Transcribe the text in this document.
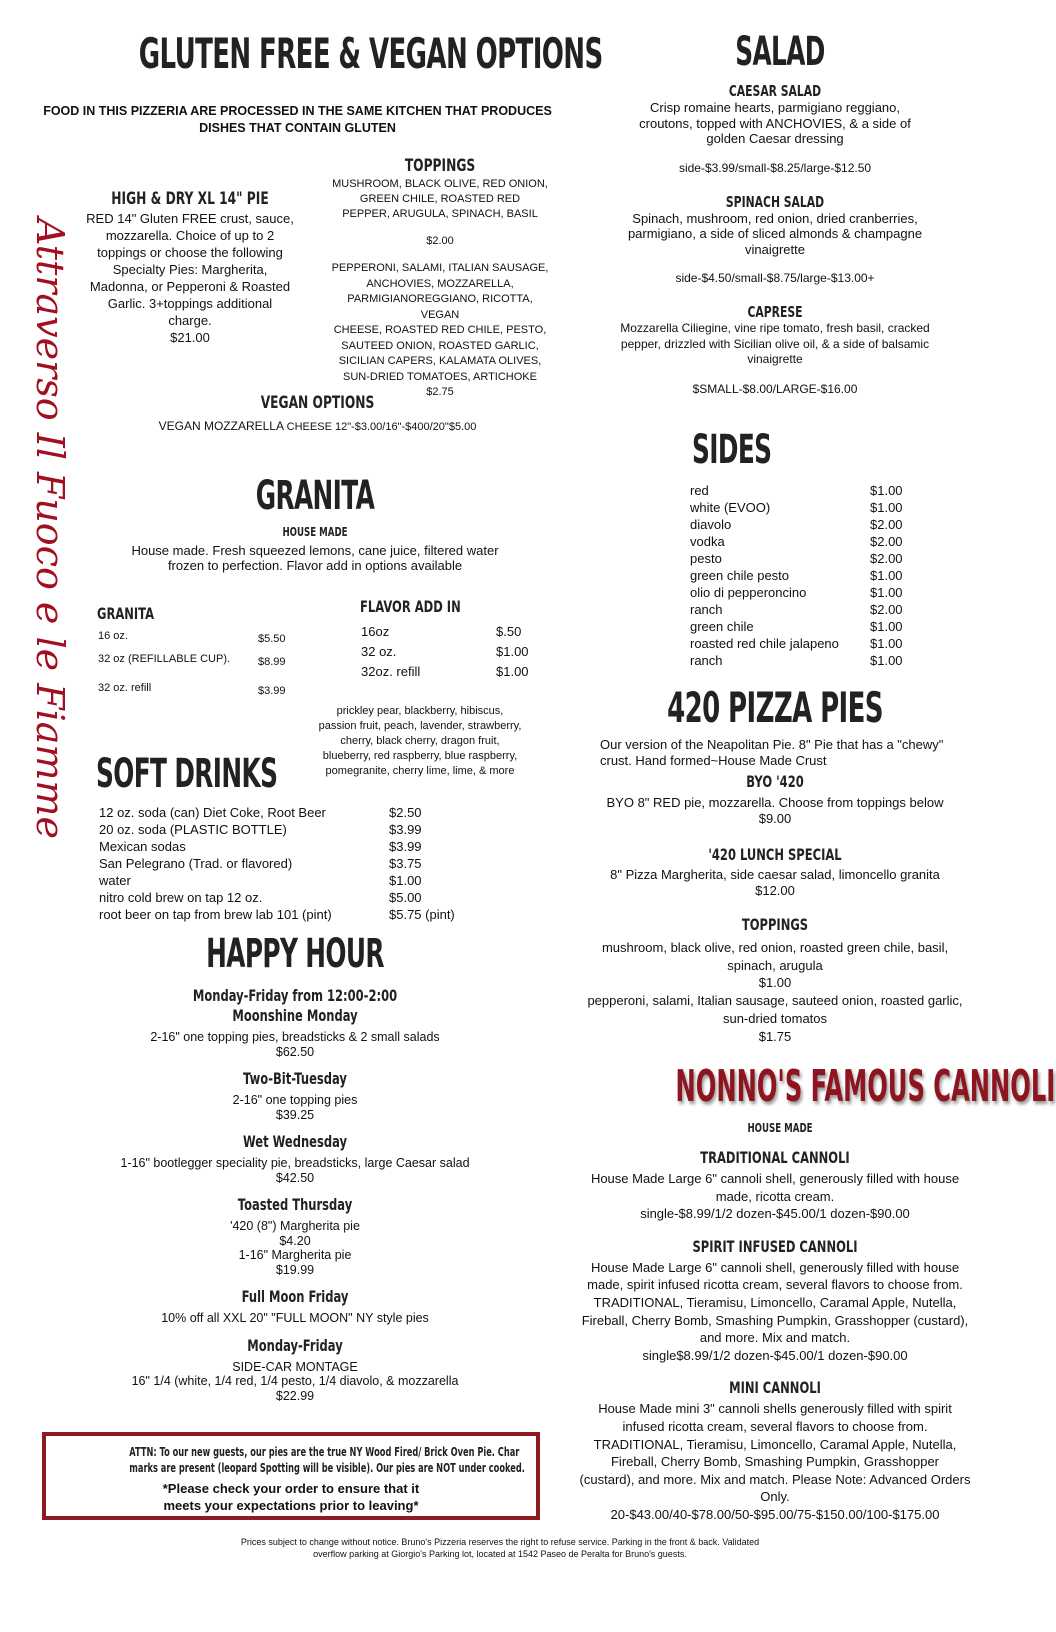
GLUTEN FREE & VEGAN OPTIONS
FOOD IN THIS PIZZERIA ARE PROCESSED IN THE SAME KITCHEN THAT PRODUCES
DISHES THAT CONTAIN GLUTEN
Attraverso Il Fuoco e le Fiamme
HIGH & DRY XL 14" PIE
RED 14" Gluten FREE crust, sauce,
mozzarella. Choice of up to 2
toppings or choose the following
Specialty Pies: Margherita,
Madonna, or Pepperoni & Roasted
Garlic. 3+toppings additional
charge.
$21.00
TOPPINGS
MUSHROOM, BLACK OLIVE, RED ONION,
GREEN CHILE, ROASTED RED
PEPPER, ARUGULA, SPINACH, BASIL
$2.00
PEPPERONI, SALAMI, ITALIAN SAUSAGE,
ANCHOVIES, MOZZARELLA,
PARMIGIANOREGGIANO, RICOTTA, VEGAN
CHEESE, ROASTED RED CHILE, PESTO,
SAUTEED ONION, ROASTED GARLIC,
SICILIAN CAPERS, KALAMATA OLIVES,
SUN-DRIED TOMATOES, ARTICHOKE $2.75
VEGAN OPTIONS
VEGAN MOZZARELLA CHEESE 12"-$3.00/16"-$400/20"$5.00
GRANITA
HOUSE MADE
House made. Fresh squeezed lemons, cane juice, filtered water
frozen to perfection. Flavor add in options available
GRANITA
16 oz.	$5.50
32 oz (REFILLABLE CUP).	$8.99
32 oz. refill	$3.99
FLAVOR ADD IN
16oz	$.50
32 oz.	$1.00
32oz. refill	$1.00
prickley pear, blackberry, hibiscus,
passion fruit, peach, lavender, strawberry,
cherry, black cherry, dragon fruit,
blueberry, red raspberry, blue raspberry,
pomegranite, cherry lime, lime, & more
SOFT DRINKS
12 oz. soda (can) Diet Coke, Root Beer	$2.50
20 oz. soda (PLASTIC BOTTLE)	$3.99
Mexican sodas	$3.99
San Pelegrano (Trad. or flavored)	$3.75
water	$1.00
nitro cold brew on tap 12 oz.	$5.00
root beer on tap from brew lab 101 (pint)	$5.75 (pint)
HAPPY HOUR
Monday-Friday from 12:00-2:00
Moonshine Monday
2-16" one topping pies, breadsticks & 2 small salads
$62.50
Two-Bit-Tuesday
2-16" one topping pies
$39.25
Wet Wednesday
1-16" bootlegger speciality pie, breadsticks, large Caesar salad
$42.50
Toasted Thursday
'420 (8") Margherita pie
$4.20
1-16" Margherita pie
$19.99
Full Moon Friday
10% off all XXL 20" "FULL MOON" NY style pies
Monday-Friday
SIDE-CAR MONTAGE
16" 1/4 (white, 1/4 red, 1/4 pesto, 1/4 diavolo, & mozzarella
$22.99
ATTN: To our new guests, our pies are the true NY Wood Fired/ Brick Oven Pie. Char
marks are present (leopard Spotting will be visible). Our pies are NOT under cooked.
*Please check your order to ensure that it
meets your expectations prior to leaving*
Prices subject to change without notice. Bruno's Pizzeria reserves the right to refuse service. Parking in the front & back. Validated
overflow parking at Giorgio's Parking lot, located at 1542 Paseo de Peralta for Bruno's guests.
SALAD
CAESAR SALAD
Crisp romaine hearts, parmigiano reggiano,
croutons, topped with ANCHOVIES, & a side of
golden Caesar dressing
side-$3.99/small-$8.25/large-$12.50
SPINACH SALAD
Spinach, mushroom, red onion, dried cranberries,
parmigiano, a side of sliced almonds & champagne
vinaigrette
side-$4.50/small-$8.75/large-$13.00+
CAPRESE
Mozzarella Ciliegine, vine ripe tomato, fresh basil, cracked
pepper, drizzled with Sicilian olive oil, & a side of balsamic
vinaigrette
$SMALL-$8.00/LARGE-$16.00
SIDES
red	$1.00
white (EVOO)	$1.00
diavolo	$2.00
vodka	$2.00
pesto	$2.00
green chile pesto	$1.00
olio di pepperoncino	$1.00
ranch	$2.00
green chile	$1.00
roasted red chile jalapeno	$1.00
ranch	$1.00
420 PIZZA PIES
Our version of the Neapolitan Pie. 8" Pie that has a "chewy"
crust. Hand formed~House Made Crust
BYO '420
BYO 8" RED pie, mozzarella. Choose from toppings below
$9.00
'420 LUNCH SPECIAL
8" Pizza Margherita, side caesar salad, limoncello granita
$12.00
TOPPINGS
mushroom, black olive, red onion, roasted green chile, basil,
spinach, arugula
$1.00
pepperoni, salami, Italian sausage, sauteed onion, roasted garlic,
sun-dried tomatos
$1.75
NONNO'S FAMOUS CANNOLI
HOUSE MADE
TRADITIONAL CANNOLI
House Made Large 6" cannoli shell, generously filled with house
made, ricotta cream.
single-$8.99/1/2 dozen-$45.00/1 dozen-$90.00
SPIRIT INFUSED CANNOLI
House Made Large 6" cannoli shell, generously filled with house
made, spirit infused ricotta cream, several flavors to choose from.
TRADITIONAL, Tieramisu, Limoncello, Caramal Apple, Nutella,
Fireball, Cherry Bomb, Smashing Pumpkin, Grasshopper (custard),
and more. Mix and match.
single$8.99/1/2 dozen-$45.00/1 dozen-$90.00
MINI CANNOLI
House Made mini 3" cannoli shells generously filled with spirit
infused ricotta cream, several flavors to choose from.
TRADITIONAL, Tieramisu, Limoncello, Caramal Apple, Nutella,
Fireball, Cherry Bomb, Smashing Pumpkin, Grasshopper
(custard), and more. Mix and match. Please Note: Advanced Orders
Only.
20-$43.00/40-$78.00/50-$95.00/75-$150.00/100-$175.00
